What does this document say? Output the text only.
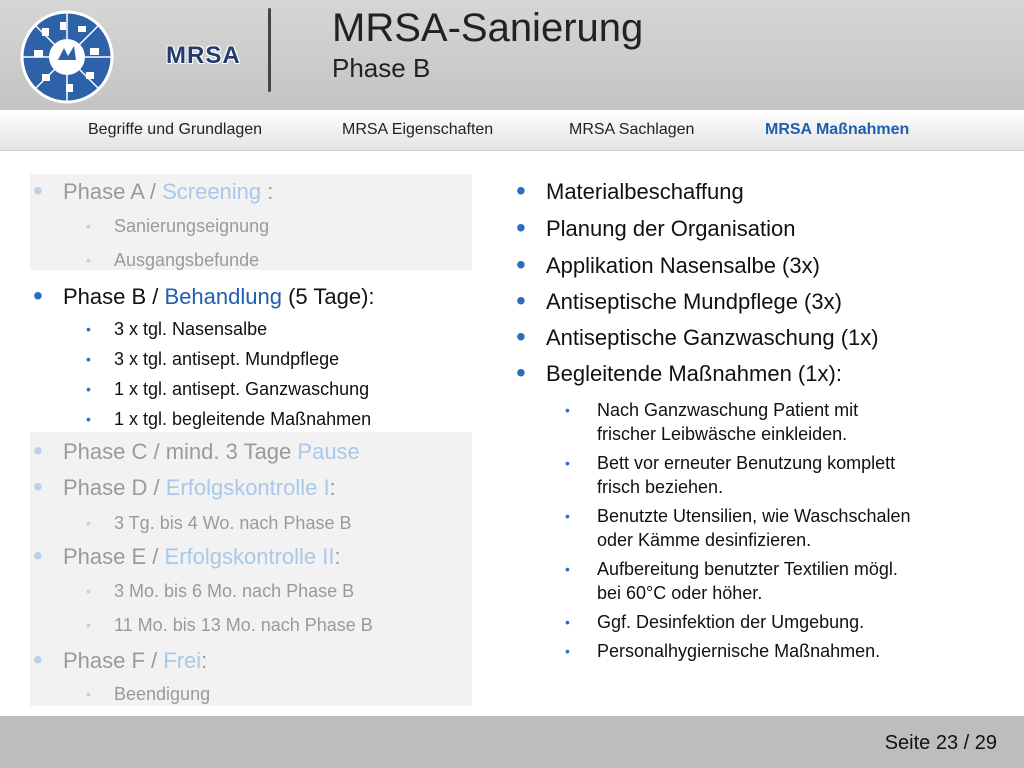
MRSA
MRSA-Sanierung
Phase B
Begriffe und Grundlagen	MRSA Eigenschaften	MRSA Sachlagen	MRSA Maßnahmen
• Phase A / Screening :
• Sanierungseignung
• Ausgangsbefunde
• Phase B / Behandlung (5 Tage):
• 3 x tgl. Nasensalbe
• 3 x tgl. antisept. Mundpflege
• 1 x tgl. antisept. Ganzwaschung
• 1 x tgl. begleitende Maßnahmen
• Phase C / mind. 3 Tage Pause
• Phase D / Erfolgskontrolle I:
• 3 Tg. bis 4 Wo. nach Phase B
• Phase E / Erfolgskontrolle II:
• 3 Mo. bis 6 Mo. nach Phase B
• 11 Mo. bis 13 Mo. nach Phase B
• Phase F / Frei:
• Beendigung
• Materialbeschaffung
• Planung der Organisation
• Applikation Nasensalbe (3x)
• Antiseptische Mundpflege (3x)
• Antiseptische Ganzwaschung (1x)
• Begleitende Maßnahmen (1x):
• Nach Ganzwaschung Patient mit
frischer Leibwäsche einkleiden.
• Bett vor erneuter Benutzung komplett
frisch beziehen.
• Benutzte Utensilien, wie Waschschalen
oder Kämme desinfizieren.
• Aufbereitung benutzter Textilien mögl.
bei 60°C oder höher.
• Ggf. Desinfektion der Umgebung.
• Personalhygiernische Maßnahmen.
Seite 23 / 29
